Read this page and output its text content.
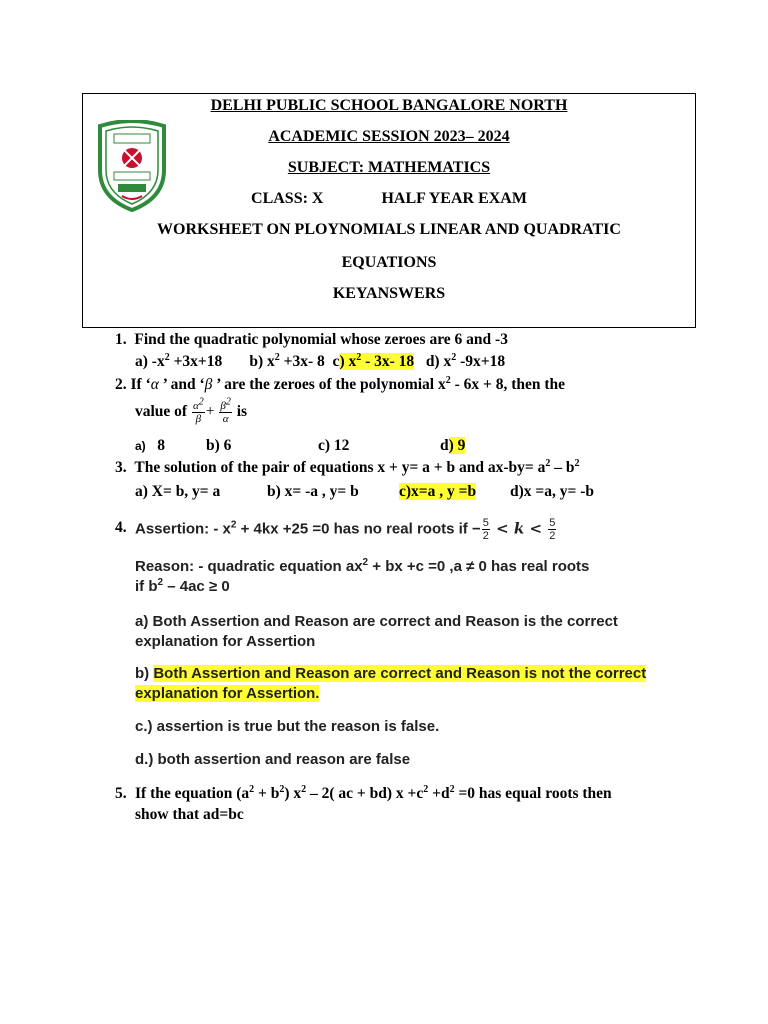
DELHI PUBLIC SCHOOL BANGALORE NORTH
ACADEMIC SESSION 2023– 2024
SUBJECT: MATHEMATICS
CLASS: X	HALF YEAR EXAM
WORKSHEET ON PLOYNOMIALS LINEAR AND QUADRATIC
EQUATIONS
KEYANSWERS
1. Find the quadratic polynomial whose zeroes are 6 and -3
a) $-x^2 +3x+18$ b) $x^2 +3x-$ 8 c) $x^2 - 3x-$ 18 d) $x^2$ -9x+18
2. If ‘α ’ and ‘β ’ are the zeroes of the polynomial $x^2 - 6x + 8$, then the
value of $\frac{\alpha^2}{\beta} + \frac{\beta^2}{\alpha}$ is
a) 8	b) 6	c) 12	d) 9
3. The solution of the pair of equations x + y= a + b and $ax-by= a^2 - b^2$
a) X= b, y= a	b) x= -a , y= b	c)x=a , y =b d)x =a, y= -b
4. Assertion: - $x^2 + 4kx +25 =0$ has no real roots if − $\frac{5}{2} < k < \frac{5}{2}$
Reason: - quadratic equation $ax^2$ + bx +c =0 ,a ≠ 0 has real roots
if $b^2 - 4ac \ge 0$
a) Both Assertion and Reason are correct and Reason is the correct explanation for Assertion
b) Both Assertion and Reason are correct and Reason is not the correct explanation for Assertion.
c.) assertion is true but the reason is false.
d.) both assertion and reason are false
5. If the equation $(a^2 + b^2)$ $x^2 - 2$( ac + bd) $x +c^2 +d^2 =0$ has equal roots then
show that ad=bc
